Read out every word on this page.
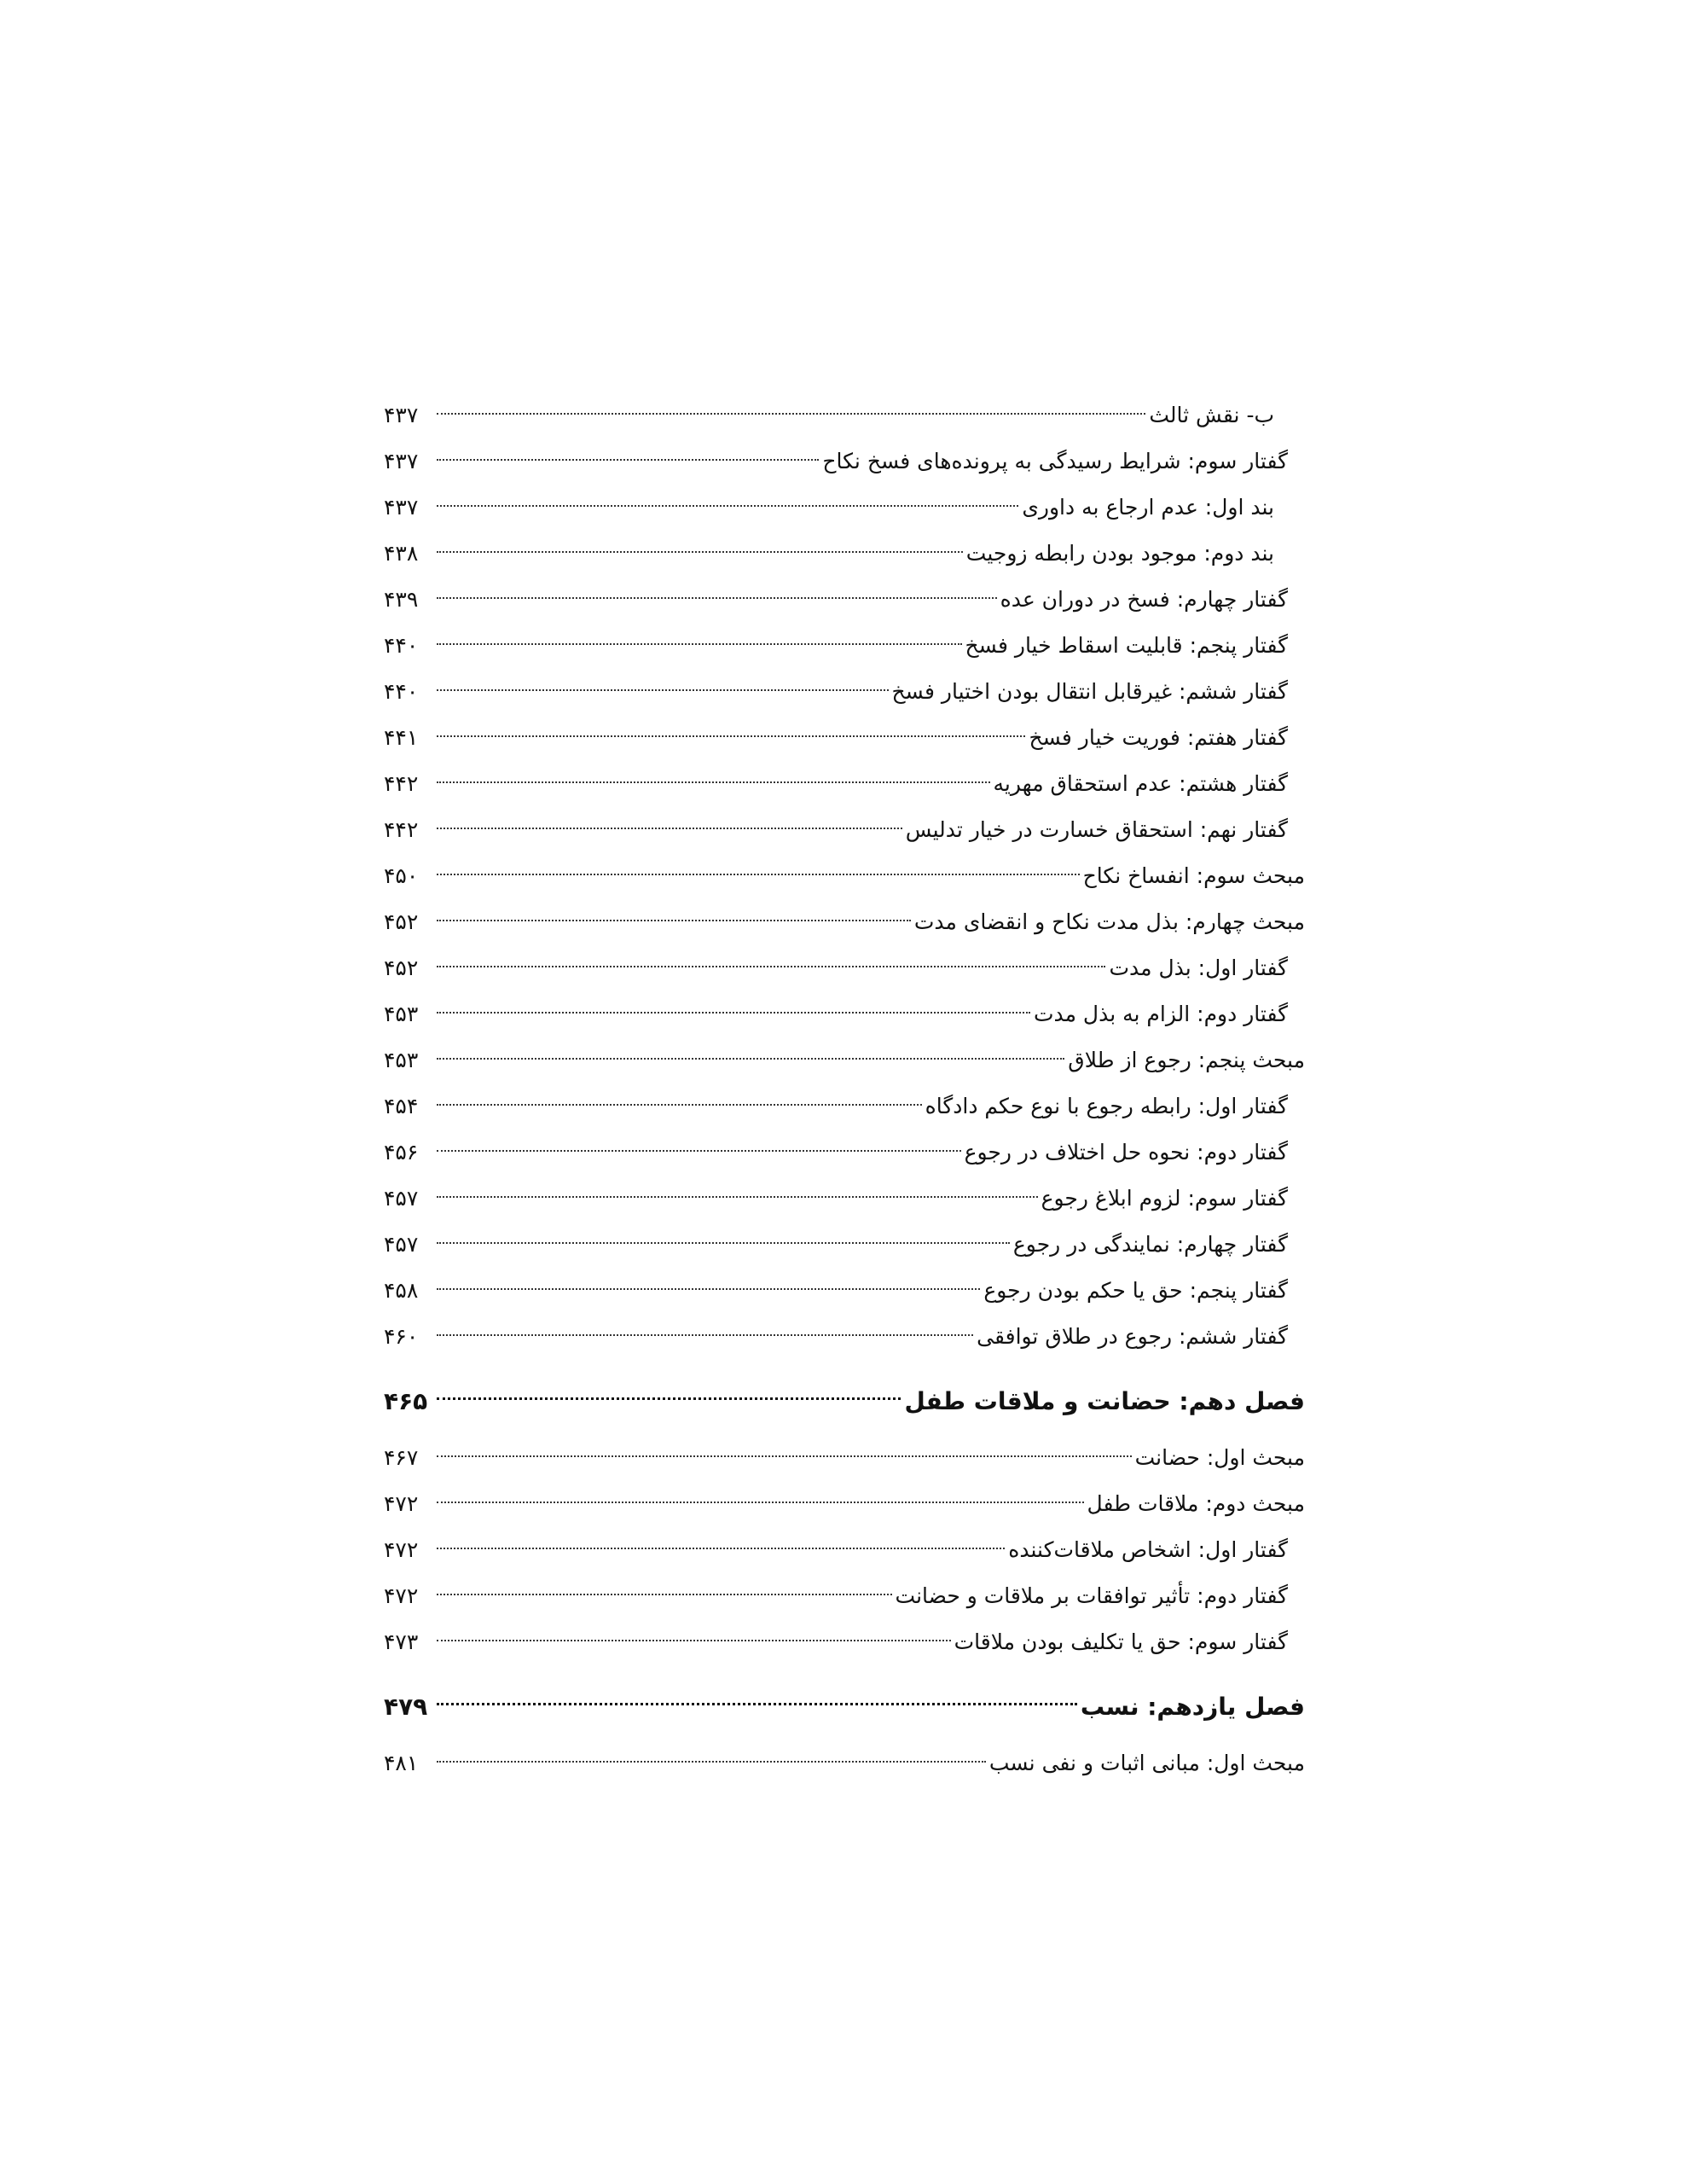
ب- نقش ثالث
۴۳۷
گفتار سوم: شرایط رسیدگی به پرونده‌های فسخ نکاح
۴۳۷
بند اول: عدم ارجاع به داوری
۴۳۷
بند دوم: موجود بودن رابطه زوجیت
۴۳۸
گفتار چهارم: فسخ در دوران عده
۴۳۹
گفتار پنجم: قابلیت اسقاط خیار فسخ
۴۴۰
گفتار ششم: غیرقابل انتقال بودن اختیار فسخ
۴۴۰
گفتار هفتم: فوریت خیار فسخ
۴۴۱
گفتار هشتم: عدم استحقاق مهریه
۴۴۲
گفتار نهم: استحقاق خسارت در خیار تدلیس
۴۴۲
مبحث سوم: انفساخ نکاح
۴۵۰
مبحث چهارم: بذل مدت نکاح و انقضای مدت
۴۵۲
گفتار اول: بذل مدت
۴۵۲
گفتار دوم: الزام به بذل مدت
۴۵۳
مبحث پنجم: رجوع از طلاق
۴۵۳
گفتار اول: رابطه رجوع با نوع حکم دادگاه
۴۵۴
گفتار دوم: نحوه حل اختلاف در رجوع
۴۵۶
گفتار سوم: لزوم ابلاغ رجوع
۴۵۷
گفتار چهارم: نمایندگی در رجوع
۴۵۷
گفتار پنجم: حق یا حکم بودن رجوع
۴۵۸
گفتار ششم: رجوع در طلاق توافقی
۴۶۰
فصل دهم: حضانت و ملاقات طفل
۴۶۵
مبحث اول: حضانت
۴۶۷
مبحث دوم: ملاقات طفل
۴۷۲
گفتار اول: اشخاص ملاقات‌کننده
۴۷۲
گفتار دوم: تأثیر توافقات بر ملاقات و حضانت
۴۷۲
گفتار سوم: حق یا تکلیف بودن ملاقات
۴۷۳
فصل یازدهم: نسب
۴۷۹
مبحث اول: مبانی اثبات و نفی نسب
۴۸۱
